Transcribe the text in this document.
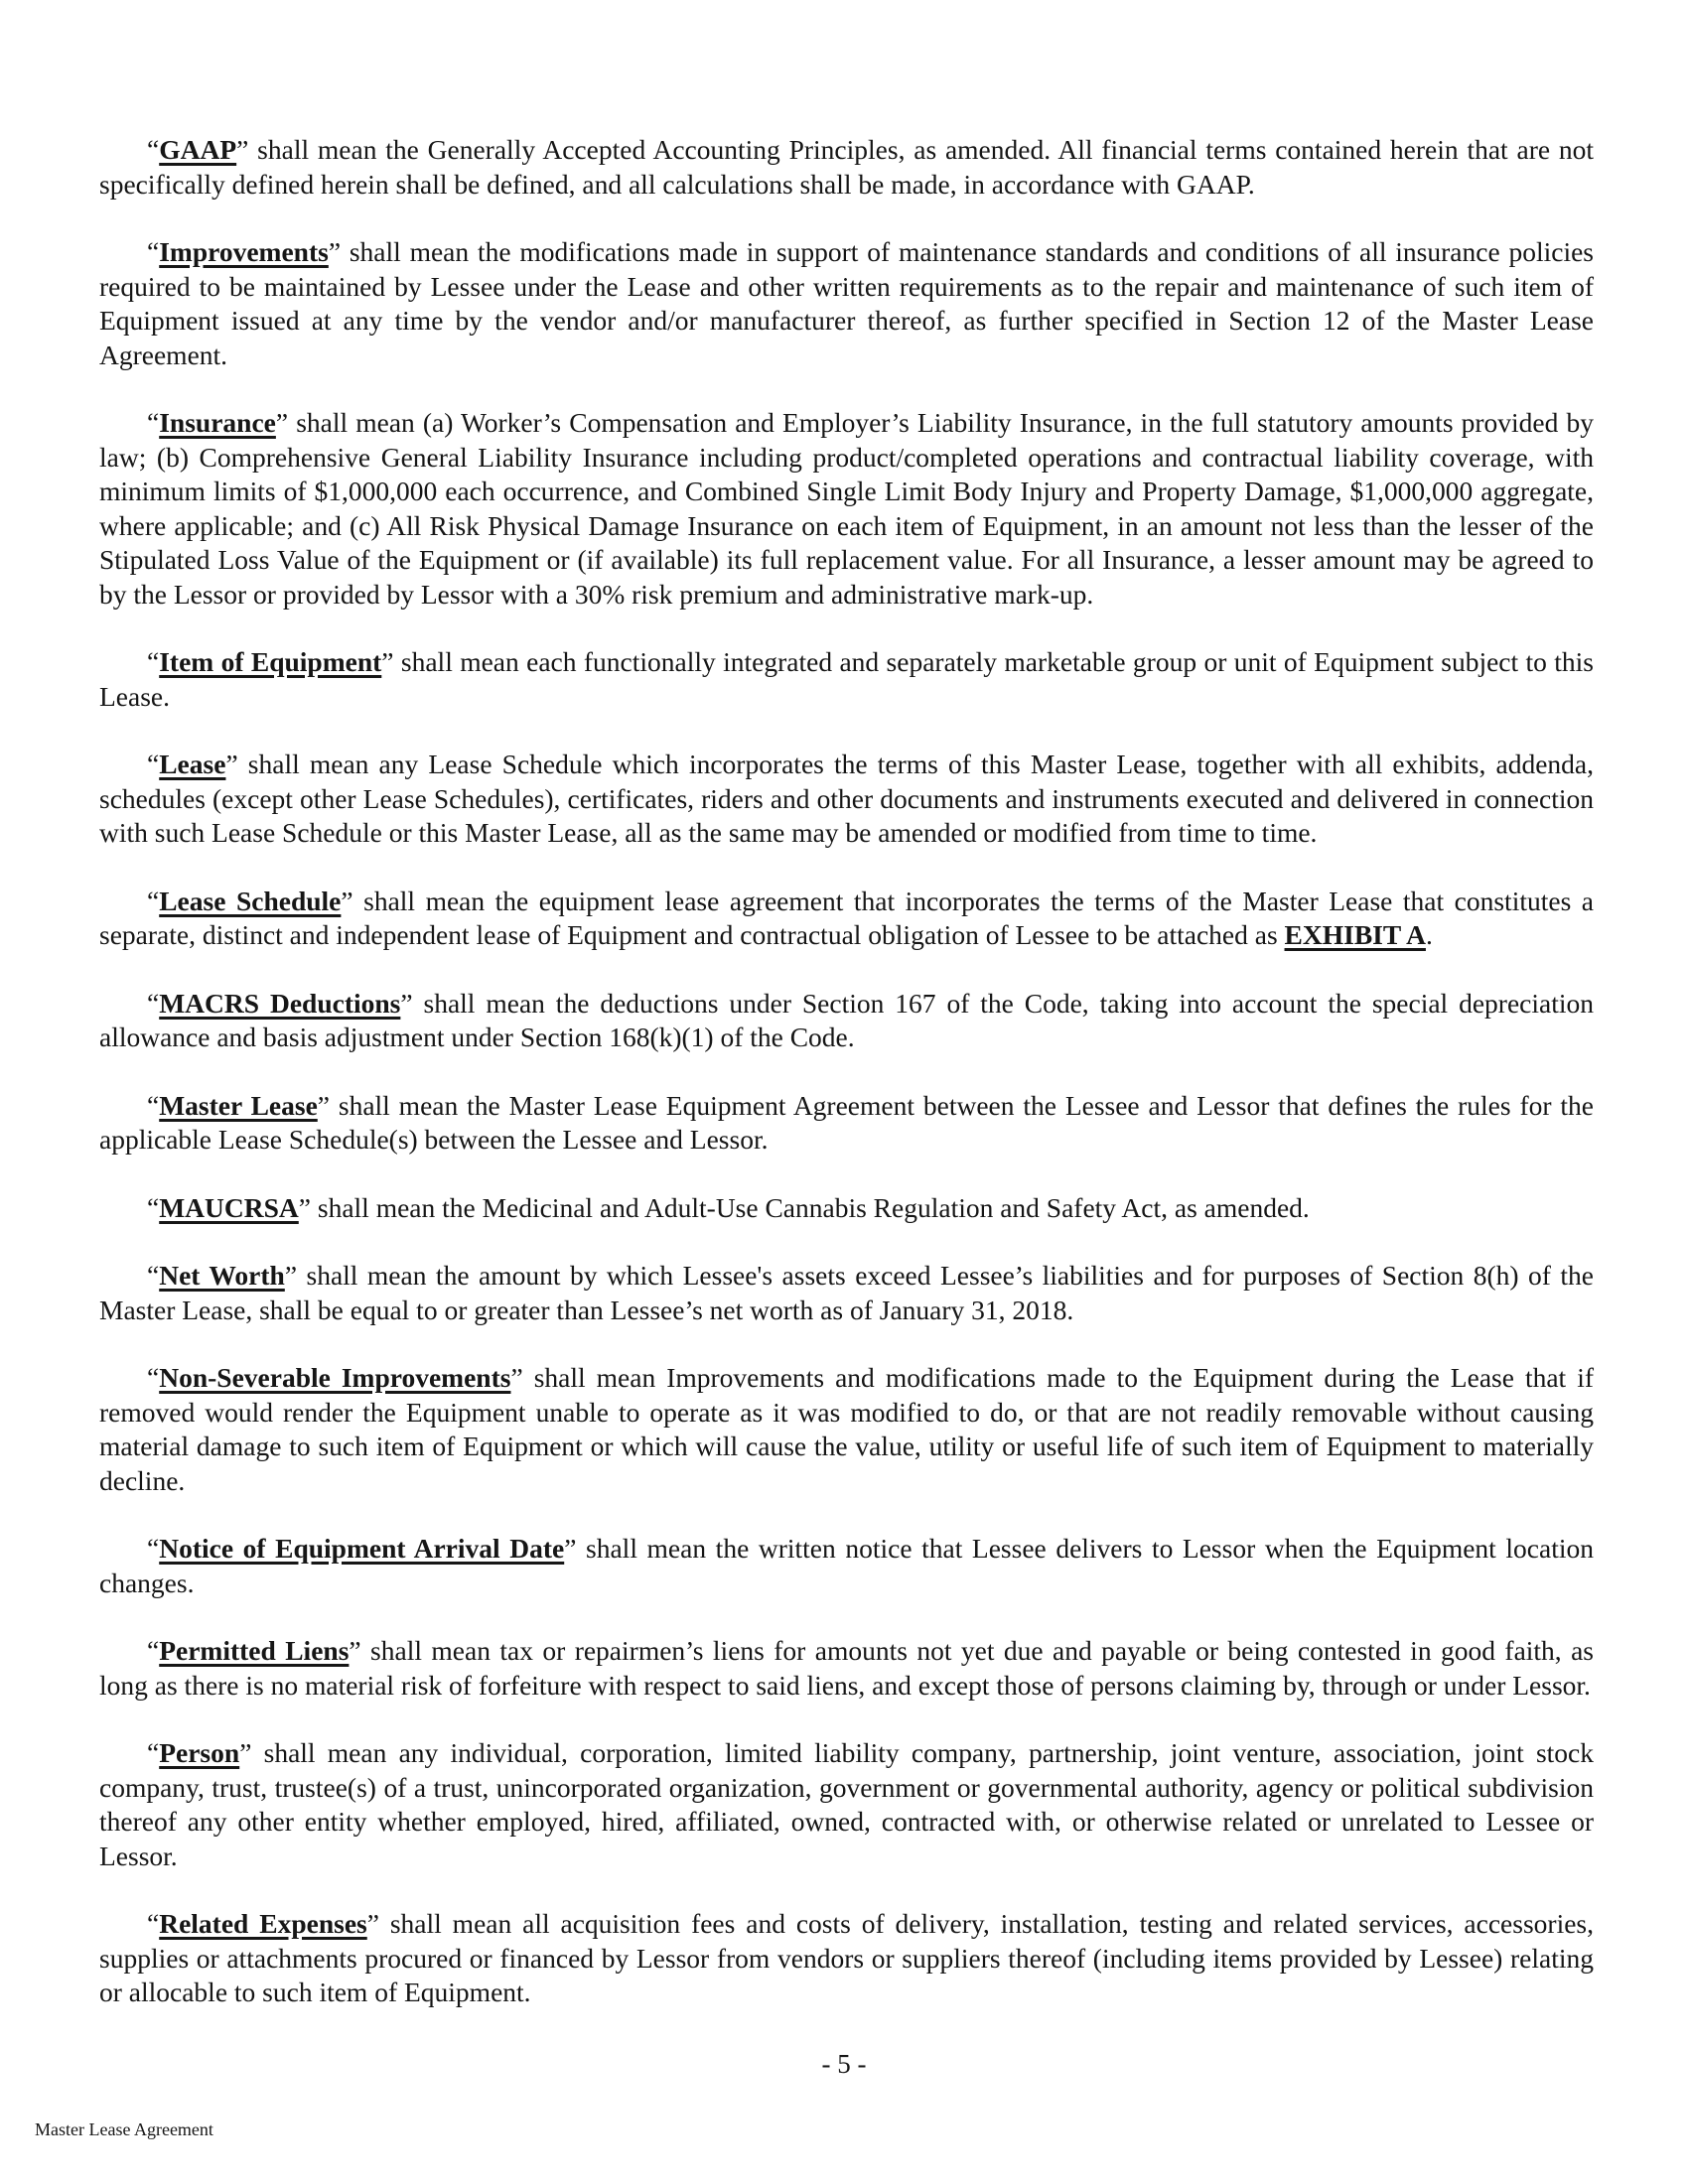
“GAAP” shall mean the Generally Accepted Accounting Principles, as amended. All financial terms contained herein that are not specifically defined herein shall be defined, and all calculations shall be made, in accordance with GAAP.

“Improvements” shall mean the modifications made in support of maintenance standards and conditions of all insurance policies required to be maintained by Lessee under the Lease and other written requirements as to the repair and maintenance of such item of Equipment issued at any time by the vendor and/or manufacturer thereof, as further specified in Section 12 of the Master Lease Agreement.

“Insurance” shall mean (a) Worker’s Compensation and Employer’s Liability Insurance, in the full statutory amounts provided by law; (b) Comprehensive General Liability Insurance including product/completed operations and contractual liability coverage, with minimum limits of $1,000,000 each occurrence, and Combined Single Limit Body Injury and Property Damage, $1,000,000 aggregate, where applicable; and (c) All Risk Physical Damage Insurance on each item of Equipment, in an amount not less than the lesser of the Stipulated Loss Value of the Equipment or (if available) its full replacement value. For all Insurance, a lesser amount may be agreed to by the Lessor or provided by Lessor with a 30% risk premium and administrative mark-up.

“Item of Equipment” shall mean each functionally integrated and separately marketable group or unit of Equipment subject to this Lease.

“Lease” shall mean any Lease Schedule which incorporates the terms of this Master Lease, together with all exhibits, addenda, schedules (except other Lease Schedules), certificates, riders and other documents and instruments executed and delivered in connection with such Lease Schedule or this Master Lease, all as the same may be amended or modified from time to time.

“Lease Schedule” shall mean the equipment lease agreement that incorporates the terms of the Master Lease that constitutes a separate, distinct and independent lease of Equipment and contractual obligation of Lessee to be attached as EXHIBIT A.

“MACRS Deductions” shall mean the deductions under Section 167 of the Code, taking into account the special depreciation allowance and basis adjustment under Section 168(k)(1) of the Code.

“Master Lease” shall mean the Master Lease Equipment Agreement between the Lessee and Lessor that defines the rules for the applicable Lease Schedule(s) between the Lessee and Lessor.

“MAUCRSA” shall mean the Medicinal and Adult-Use Cannabis Regulation and Safety Act, as amended.

“Net Worth” shall mean the amount by which Lessee's assets exceed Lessee’s liabilities and for purposes of Section 8(h) of the Master Lease, shall be equal to or greater than Lessee’s net worth as of January 31, 2018.

“Non-Severable Improvements” shall mean Improvements and modifications made to the Equipment during the Lease that if removed would render the Equipment unable to operate as it was modified to do, or that are not readily removable without causing material damage to such item of Equipment or which will cause the value, utility or useful life of such item of Equipment to materially decline.

“Notice of Equipment Arrival Date” shall mean the written notice that Lessee delivers to Lessor when the Equipment location changes.

“Permitted Liens” shall mean tax or repairmen’s liens for amounts not yet due and payable or being contested in good faith, as long as there is no material risk of forfeiture with respect to said liens, and except those of persons claiming by, through or under Lessor.

“Person” shall mean any individual, corporation, limited liability company, partnership, joint venture, association, joint stock company, trust, trustee(s) of a trust, unincorporated organization, government or governmental authority, agency or political subdivision thereof any other entity whether employed, hired, affiliated, owned, contracted with, or otherwise related or unrelated to Lessee or Lessor.

“Related Expenses” shall mean all acquisition fees and costs of delivery, installation, testing and related services, accessories, supplies or attachments procured or financed by Lessor from vendors or suppliers thereof (including items provided by Lessee) relating or allocable to such item of Equipment.

- 5 -
Master Lease Agreement
